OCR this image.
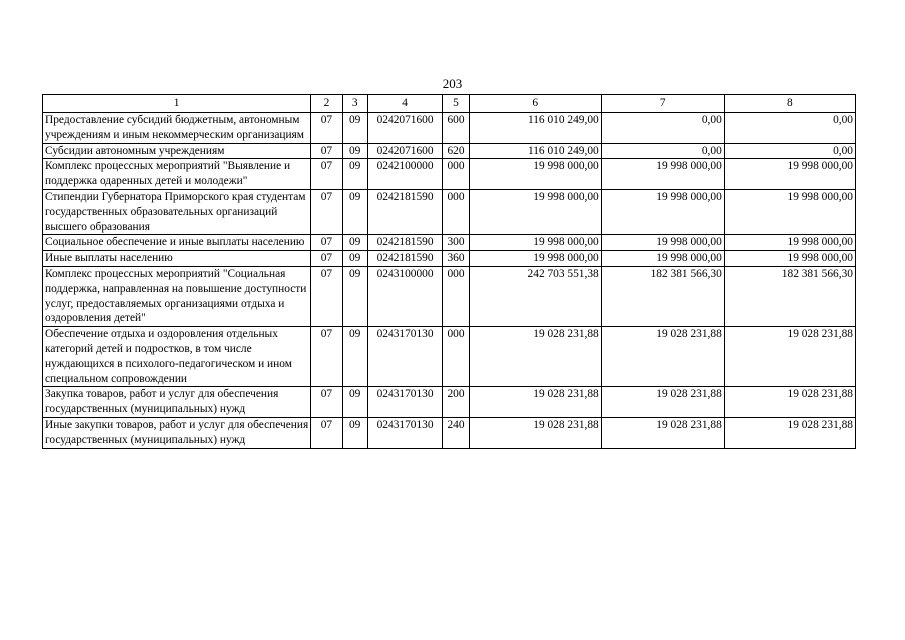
203
1	2	3	4	5	6	7	8
Предоставление субсидий бюджетным, автономным учреждениям и иным некоммерческим организациям	07	09	0242071600	600	116 010 249,00	0,00	0,00
Субсидии автономным учреждениям	07	09	0242071600	620	116 010 249,00	0,00	0,00
Комплекс процессных мероприятий "Выявление и поддержка одаренных детей и молодежи"	07	09	0242100000	000	19 998 000,00	19 998 000,00	19 998 000,00
Стипендии Губернатора Приморского края студентам государственных образовательных организаций высшего образования	07	09	0242181590	000	19 998 000,00	19 998 000,00	19 998 000,00
Социальное обеспечение и иные выплаты населению	07	09	0242181590	300	19 998 000,00	19 998 000,00	19 998 000,00
Иные выплаты населению	07	09	0242181590	360	19 998 000,00	19 998 000,00	19 998 000,00
Комплекс процессных мероприятий "Социальная поддержка, направленная на повышение доступности услуг, предоставляемых организациями отдыха и оздоровления детей"	07	09	0243100000	000	242 703 551,38	182 381 566,30	182 381 566,30
Обеспечение отдыха и оздоровления отдельных категорий детей и подростков, в том числе нуждающихся в психолого-педагогическом и ином специальном сопровождении	07	09	0243170130	000	19 028 231,88	19 028 231,88	19 028 231,88
Закупка товаров, работ и услуг для обеспечения государственных (муниципальных) нужд	07	09	0243170130	200	19 028 231,88	19 028 231,88	19 028 231,88
Иные закупки товаров, работ и услуг для обеспечения государственных (муниципальных) нужд	07	09	0243170130	240	19 028 231,88	19 028 231,88	19 028 231,88
